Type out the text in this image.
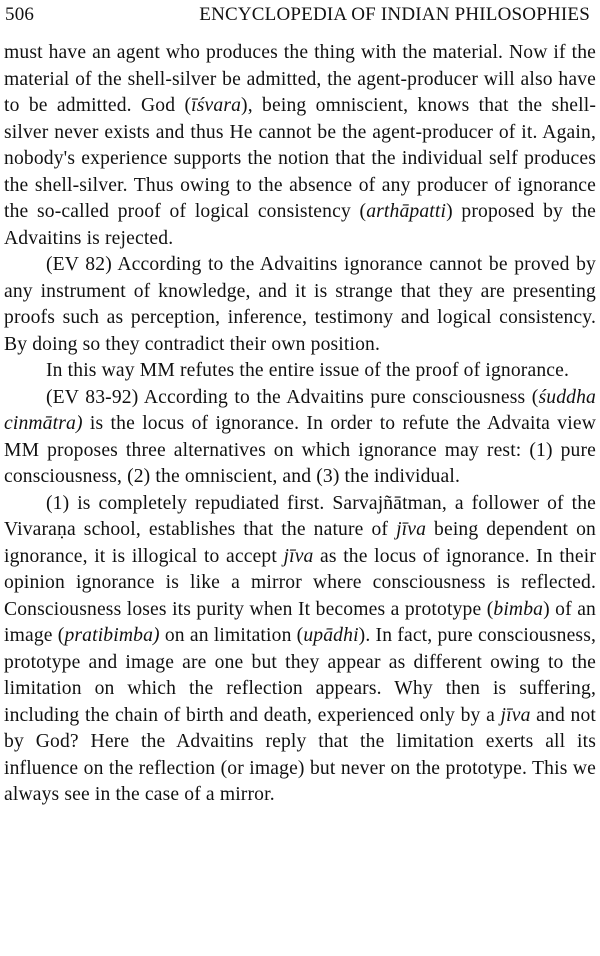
506	ENCYCLOPEDIA OF INDIAN PHILOSOPHIES

must have an agent who produces the thing with the material. Now if the material of the shell-silver be admitted, the agent-producer will also have to be admitted. God (īśvara), being omniscient, knows that the shell-silver never exists and thus He cannot be the agent-producer of it. Again, nobody's experience supports the notion that the individual self produces the shell-silver. Thus owing to the absence of any producer of ignorance the so-called proof of logical consistency (arthāpatti) proposed by the Advaitins is rejected.

(EV 82) According to the Advaitins ignorance cannot be proved by any instrument of knowledge, and it is strange that they are presenting proofs such as perception, inference, testimony and logical consistency. By doing so they contradict their own position.

In this way MM refutes the entire issue of the proof of ignorance.

(EV 83-92) According to the Advaitins pure consciousness (śuddha cinmātra) is the locus of ignorance. In order to refute the Advaita view MM proposes three alternatives on which ignorance may rest: (1) pure consciousness, (2) the omniscient, and (3) the individual.

(1) is completely repudiated first. Sarvajñātman, a follower of the Vivaraṇa school, establishes that the nature of jīva being dependent on ignorance, it is illogical to accept jīva as the locus of ignorance. In their opinion ignorance is like a mirror where consciousness is reflected. Consciousness loses its purity when It becomes a prototype (bimba) of an image (pratibimba) on an limitation (upādhi). In fact, pure consciousness, prototype and image are one but they appear as different owing to the limitation on which the reflection appears. Why then is suffering, including the chain of birth and death, experienced only by a jīva and not by God? Here the Advaitins reply that the limitation exerts all its influence on the reflection (or image) but never on the prototype. This we always see in the case of a mirror.
